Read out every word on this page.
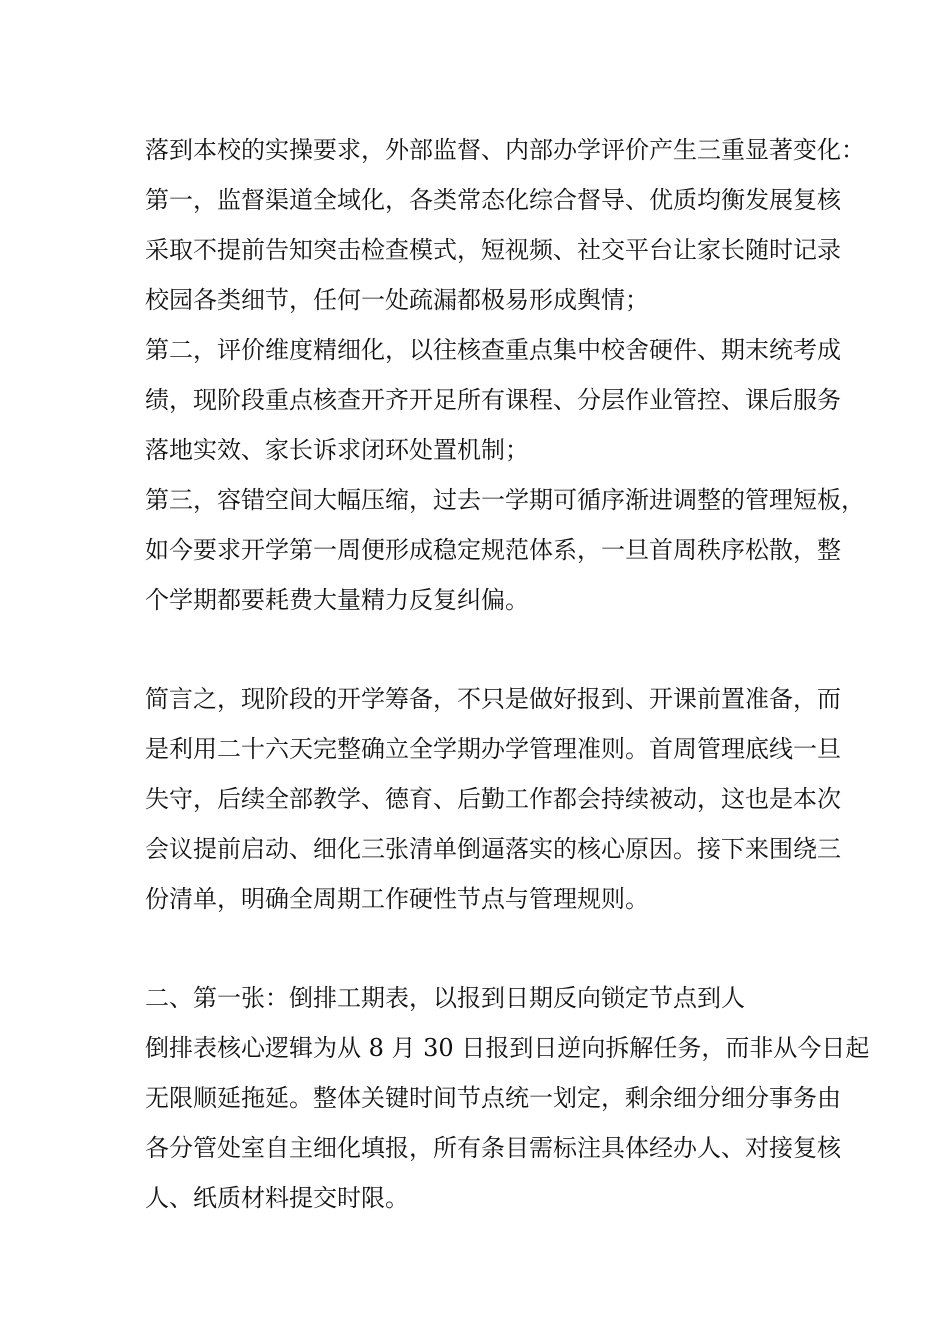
落到本校的实操要求，外部监督、内部办学评价产生三重显著变化：

第一，监督渠道全域化，各类常态化综合督导、优质均衡发展复核

采取不提前告知突击检查模式，短视频、社交平台让家长随时记录

校园各类细节，任何一处疏漏都极易形成舆情；

第二，评价维度精细化，以往核查重点集中校舍硬件、期末统考成

绩，现阶段重点核查开齐开足所有课程、分层作业管控、课后服务

落地实效、家长诉求闭环处置机制；

第三，容错空间大幅压缩，过去一学期可循序渐进调整的管理短板，

如今要求开学第一周便形成稳定规范体系，一旦首周秩序松散，整

个学期都要耗费大量精力反复纠偏。

简言之，现阶段的开学筹备，不只是做好报到、开课前置准备，而

是利用二十六天完整确立全学期办学管理准则。首周管理底线一旦

失守，后续全部教学、德育、后勤工作都会持续被动，这也是本次

会议提前启动、细化三张清单倒逼落实的核心原因。接下来围绕三

份清单，明确全周期工作硬性节点与管理规则。

二、第一张：倒排工期表，以报到日期反向锁定节点到人

倒排表核心逻辑为从 8 月 30 日报到日逆向拆解任务，而非从今日起

无限顺延拖延。整体关键时间节点统一划定，剩余细分细分事务由

各分管处室自主细化填报，所有条目需标注具体经办人、对接复核

人、纸质材料提交时限。
